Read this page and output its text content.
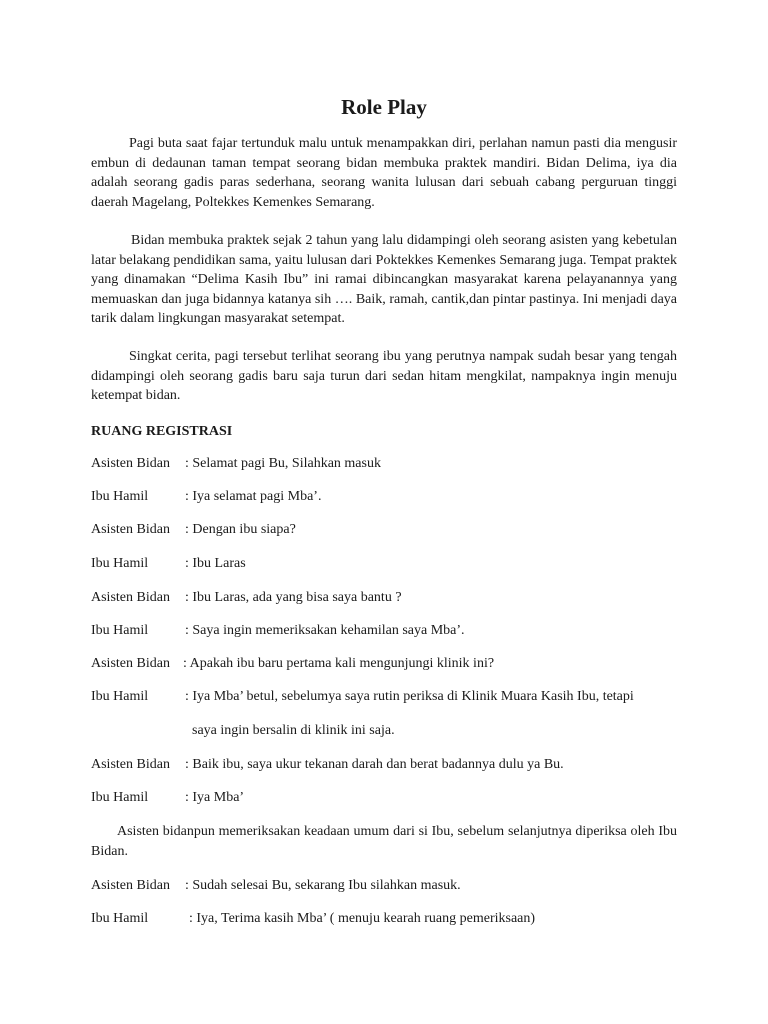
Role Play

Pagi buta saat fajar tertunduk malu untuk menampakkan diri, perlahan namun pasti dia mengusir embun di dedaunan taman tempat seorang bidan membuka praktek mandiri. Bidan Delima, iya dia adalah seorang gadis paras sederhana, seorang wanita lulusan dari sebuah cabang perguruan tinggi daerah Magelang, Poltekkes Kemenkes Semarang.

Bidan membuka praktek sejak 2 tahun yang lalu didampingi oleh seorang asisten yang kebetulan latar belakang pendidikan sama, yaitu lulusan dari Poktekkes Kemenkes Semarang juga. Tempat praktek yang dinamakan “Delima Kasih Ibu” ini ramai dibincangkan masyarakat karena pelayanannya yang memuaskan dan juga bidannya katanya sih …. Baik, ramah, cantik,dan pintar pastinya. Ini menjadi daya tarik dalam lingkungan masyarakat setempat.

Singkat cerita, pagi tersebut terlihat seorang ibu yang perutnya nampak sudah besar yang tengah didampingi oleh seorang gadis baru saja turun dari sedan hitam mengkilat, nampaknya ingin menuju ketempat bidan.

RUANG REGISTRASI
Asisten Bidan : Selamat pagi Bu, Silahkan masuk
Ibu Hamil	: Iya selamat pagi Mba’.
Asisten Bidan : Dengan ibu siapa?
Ibu Hamil	: Ibu Laras
Asisten Bidan : Ibu Laras, ada yang bisa saya bantu ?
Ibu Hamil	: Saya ingin memeriksakan kehamilan saya Mba’.
Asisten Bidan : Apakah ibu baru pertama kali mengunjungi klinik ini?
Ibu Hamil	: Iya Mba’ betul, sebelumya saya rutin periksa di Klinik Muara Kasih Ibu, tetapi
saya ingin bersalin di klinik ini saja.
Asisten Bidan : Baik ibu, saya ukur tekanan darah dan berat badannya dulu ya Bu.
Ibu Hamil	: Iya Mba’

Asisten bidanpun memeriksakan keadaan umum dari si Ibu, sebelum selanjutnya diperiksa oleh Ibu Bidan.

Asisten Bidan : Sudah selesai Bu, sekarang Ibu silahkan masuk.
Ibu Hamil	: Iya, Terima kasih Mba’ ( menuju kearah ruang pemeriksaan)
